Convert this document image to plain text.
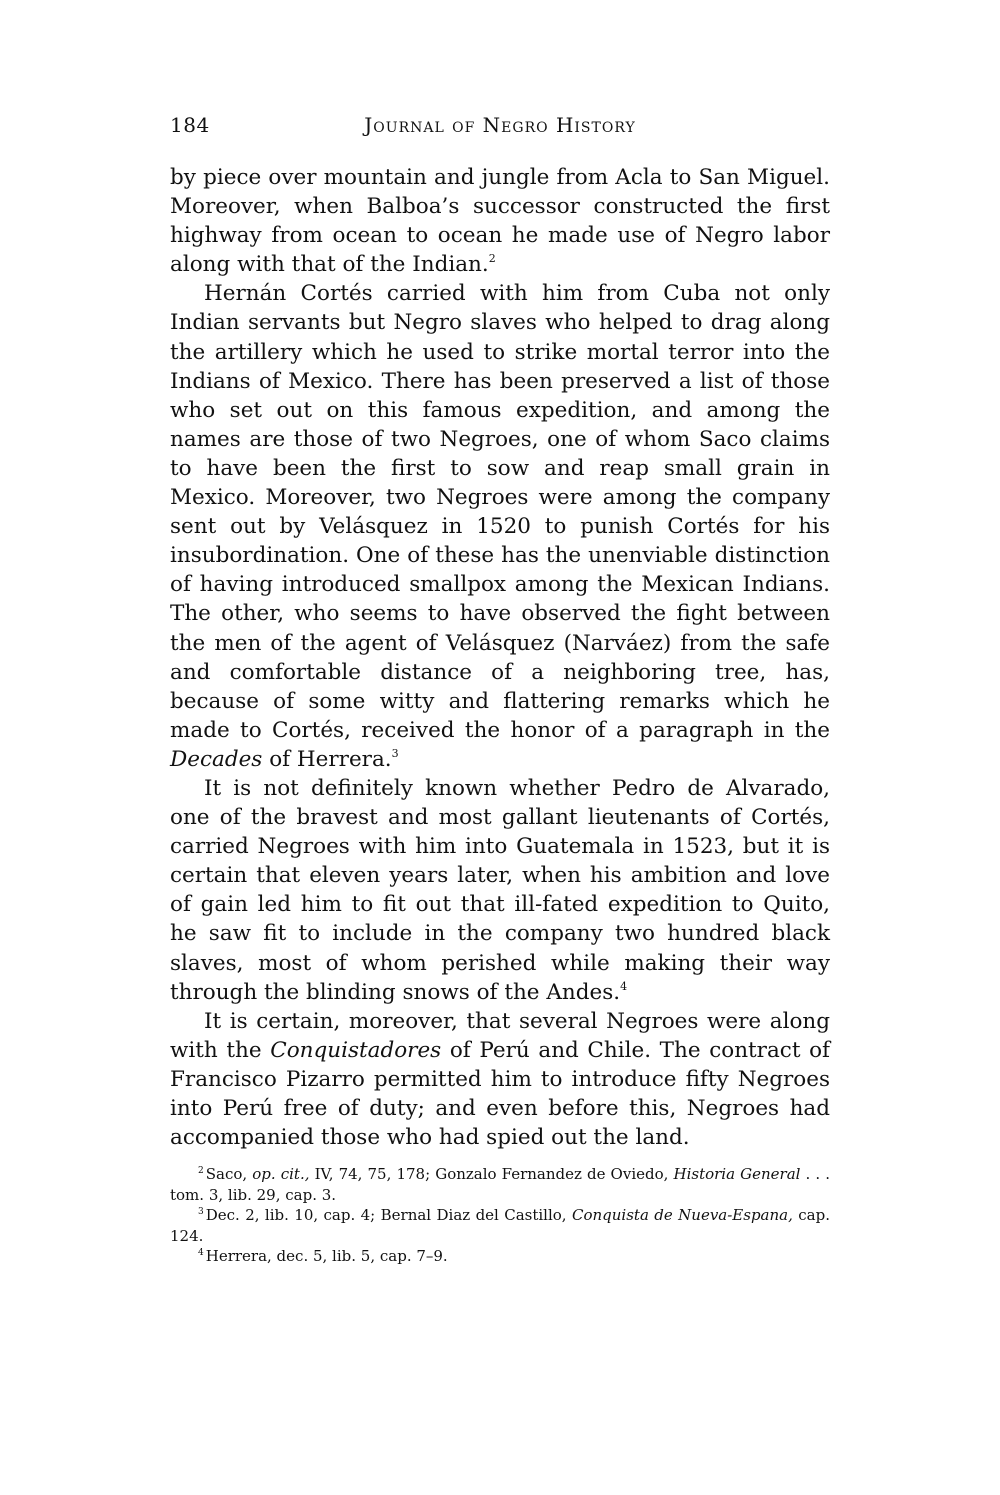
184	Journal of Negro History

by piece over mountain and jungle from Acla to San Miguel. Moreover, when Balboa’s successor constructed the first highway from ocean to ocean he made use of Negro labor along with that of the Indian.$^2$

Hernán Cortés carried with him from Cuba not only Indian servants but Negro slaves who helped to drag along the artillery which he used to strike mortal terror into the Indians of Mexico. There has been preserved a list of those who set out on this famous expedition, and among the names are those of two Negroes, one of whom Saco claims to have been the first to sow and reap small grain in Mexico. Moreover, two Negroes were among the company sent out by Velásquez in 1520 to punish Cortés for his insubordination. One of these has the unenviable distinction of having introduced smallpox among the Mexican Indians. The other, who seems to have observed the fight between the men of the agent of Velásquez (Narváez) from the safe and comfortable distance of a neighboring tree, has, because of some witty and flattering remarks which he made to Cortés, received the honor of a paragraph in the Decades of Herrera.$^3$

It is not definitely known whether Pedro de Alvarado, one of the bravest and most gallant lieutenants of Cortés, carried Negroes with him into Guatemala in 1523, but it is certain that eleven years later, when his ambition and love of gain led him to fit out that ill-fated expedition to Quito, he saw fit to include in the company two hundred black slaves, most of whom perished while making their way through the blinding snows of the Andes.$^4$

It is certain, moreover, that several Negroes were along with the Conquistadores of Perú and Chile. The contract of Francisco Pizarro permitted him to introduce fifty Negroes into Perú free of duty; and even before this, Negroes had accompanied those who had spied out the land.

$^2$ Saco, op. cit., IV, 74, 75, 178; Gonzalo Fernandez de Oviedo, Historia General . . . tom. 3, lib. 29, cap. 3.

$^3$ Dec. 2, lib. 10, cap. 4; Bernal Diaz del Castillo, Conquista de Nueva-Espana, cap. 124.

$^4$ Herrera, dec. 5, lib. 5, cap. 7–9.
